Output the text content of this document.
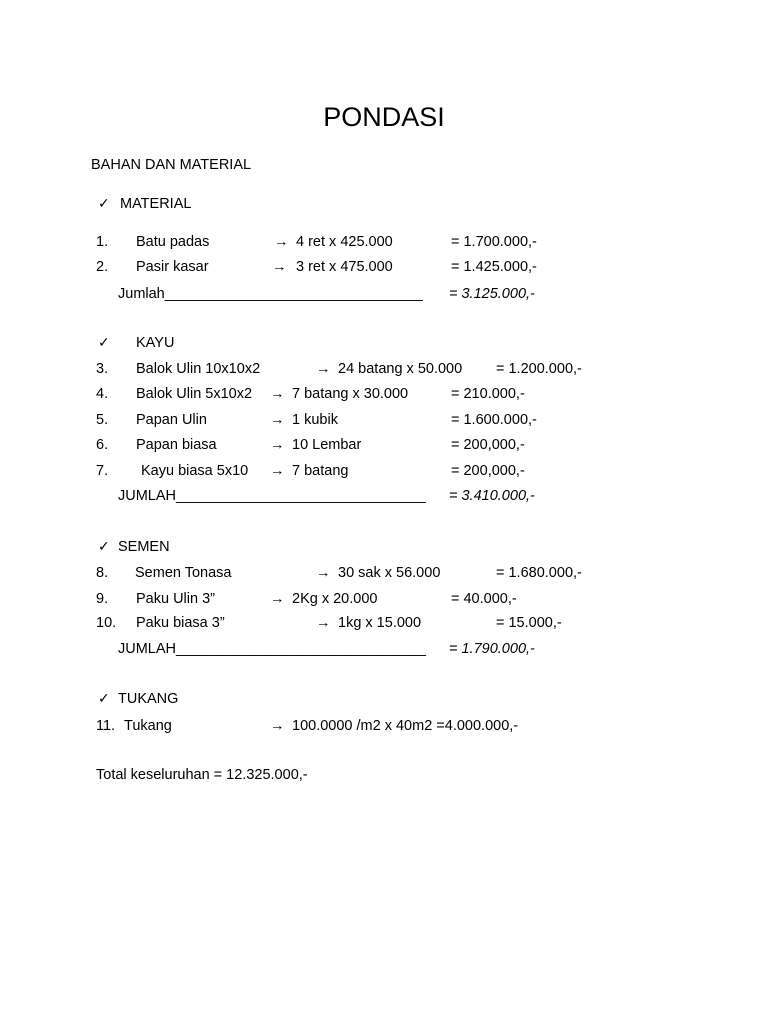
PONDASI
BAHAN DAN MATERIAL
✓ MATERIAL
1. Batu padas	→ 4 ret x 425.000	= 1.700.000,-
2. Pasir kasar	→ 3 ret x 475.000	= 1.425.000,-
Jumlah________________________________ = 3.125.000,-
✓ KAYU
3. Balok Ulin 10x10x2	→ 24 batang x 50.000 = 1.200.000,-
4. Balok Ulin 5x10x2 → 7 batang x 30.000	= 210.000,-
5. Papan Ulin	→ 1 kubik	= 1.600.000,-
6. Papan biasa	→ 10 Lembar	= 200,000,-
7. Kayu biasa 5x10 → 7 batang	= 200,000,-
JUMLAH_______________________________ = 3.410.000,-
✓ SEMEN
8. Semen Tonasa	→ 30 sak x 56.000	= 1.680.000,-
9. Paku Ulin 3”	→ 2Kg x 20.000	= 40.000,-
10. Paku biasa 3”	→ 1kg x 15.000	= 15.000,-
JUMLAH_______________________________ = 1.790.000,-
✓ TUKANG
11. Tukang	→ 100.0000 /m2 x 40m2 =4.000.000,-
Total keseluruhan = 12.325.000,-
